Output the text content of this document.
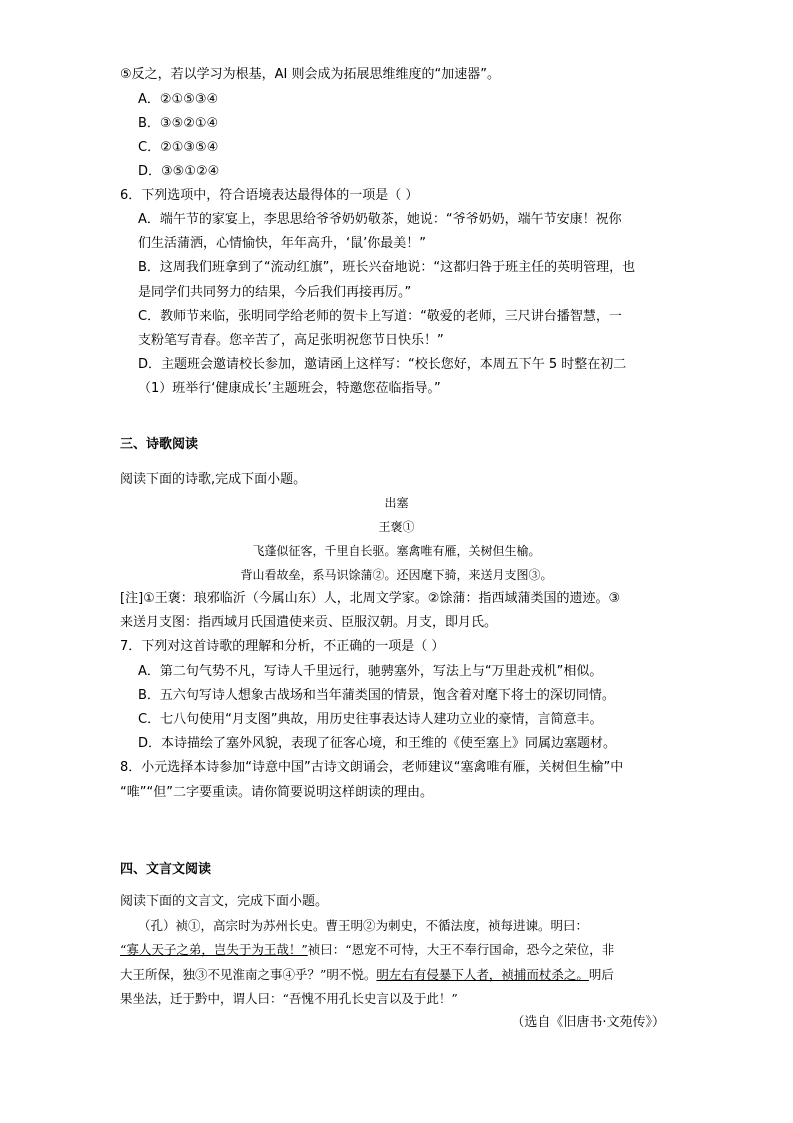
⑤反之，若以学习为根基，AI 则会成为拓展思维维度的“加速器”。
A．②①⑤③④
B．③⑤②①④
C．②①③⑤④
D．③⑤①②④
6．下列选项中，符合语境表达最得体的一项是（ ）
A．端午节的家宴上，李思思给爷爷奶奶敬茶，她说：“爷爷奶奶，端午节安康！祝你
们生活蒲洒，心情愉快，年年高升，‘鼠’你最美！”
B．这周我们班拿到了“流动红旗”，班长兴奋地说：“这都归咎于班主任的英明管理，也
是同学们共同努力的结果，今后我们再接再厉。”
C．教师节来临，张明同学给老师的贺卡上写道：“敬爱的老师，三尺讲台播智慧，一
支粉笔写青春。您辛苦了，高足张明祝您节日快乐！”
D．主题班会邀请校长参加，邀请函上这样写：“校长您好，本周五下午 5 时整在初二
（1）班举行‘健康成长’主题班会，特邀您莅临指导。”
三、诗歌阅读
阅读下面的诗歌,完成下面小题。
出塞
王褒①
飞蓬似征客，千里自长驱。塞禽唯有雁，关树但生榆。
背山看故垒，系马识馀蒲②。还因麾下骑，来送月支图③。
[注]①王褒：琅邪临沂（今属山东）人，北周文学家。②馀蒲：指西域蒲类国的遗迹。③
来送月支图：指西域月氏国遣使来贡、臣服汉朝。月支，即月氏。
7．下列对这首诗歌的理解和分析，不正确的一项是（ ）
A．第二句气势不凡，写诗人千里远行，驰骋塞外，写法上与“万里赴戎机”相似。
B．五六句写诗人想象古战场和当年蒲类国的情景，饱含着对麾下将士的深切同情。
C．七八句使用“月支图”典故，用历史往事表达诗人建功立业的豪情，言简意丰。
D．本诗描绘了塞外风貌，表现了征客心境，和王维的《使至塞上》同属边塞题材。
8．小元选择本诗参加“诗意中国”古诗文朗诵会，老师建议“塞禽唯有雁，关树但生榆”中
“唯”“但”二字要重读。请你简要说明这样朗读的理由。
四、文言文阅读
阅读下面的文言文，完成下面小题。
（孔）祯①，高宗时为苏州长史。曹王明②为刺史，不循法度，祯每进谏。明曰：
“寡人天子之弟，岂失于为王哉！”祯曰：“恩宠不可恃，大王不奉行国命，恐今之荣位，非
大王所保，独③不见淮南之事④乎？”明不悦。明左右有侵暴下人者，祯捕而杖杀之。明后
果坐法，迁于黔中，谓人曰：“吾愧不用孔长史言以及于此！”
（选自《旧唐书·文苑传》）
